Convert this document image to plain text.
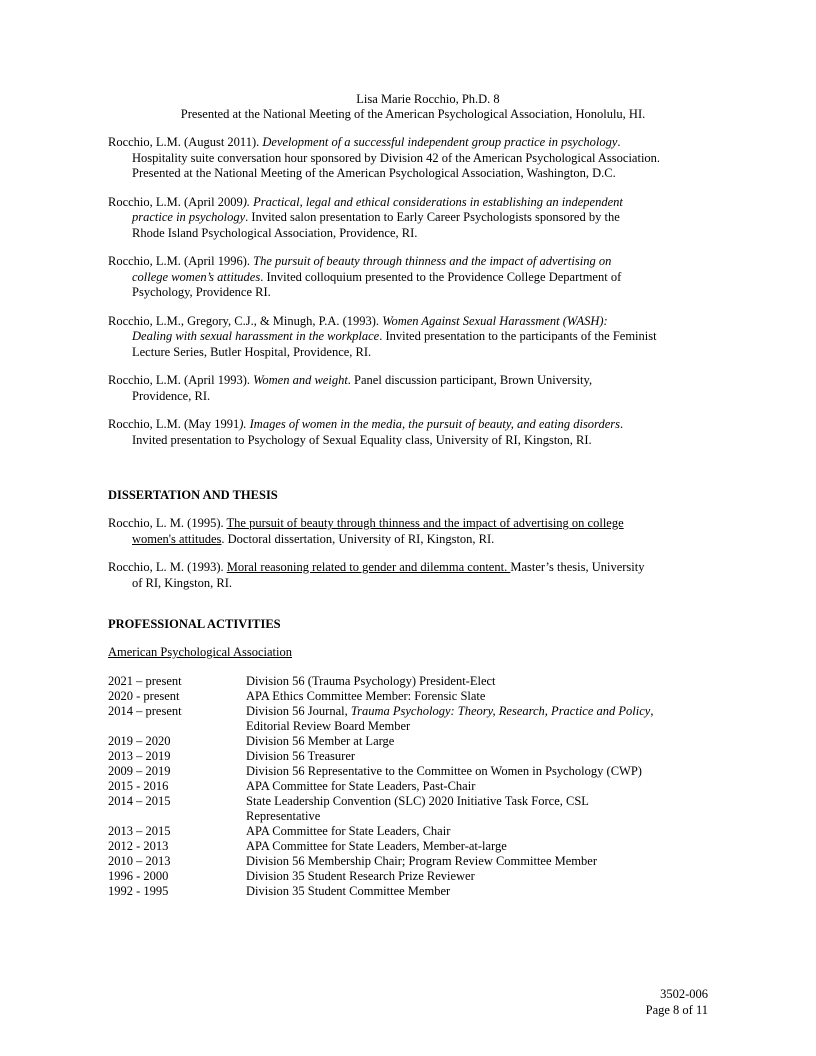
Lisa Marie Rocchio, Ph.D. 8
Presented at the National Meeting of the American Psychological Association, Honolulu, HI.
Rocchio, L.M. (August 2011). Development of a successful independent group practice in psychology.
Hospitality suite conversation hour sponsored by Division 42 of the American Psychological Association.
Presented at the National Meeting of the American Psychological Association, Washington, D.C.
Rocchio, L.M. (April 2009). Practical, legal and ethical considerations in establishing an independent
practice in psychology. Invited salon presentation to Early Career Psychologists sponsored by the
Rhode Island Psychological Association, Providence, RI.
Rocchio, L.M. (April 1996). The pursuit of beauty through thinness and the impact of advertising on
college women’s attitudes. Invited colloquium presented to the Providence College Department of
Psychology, Providence RI.
Rocchio, L.M., Gregory, C.J., & Minugh, P.A. (1993). Women Against Sexual Harassment (WASH):
Dealing with sexual harassment in the workplace. Invited presentation to the participants of the Feminist
Lecture Series, Butler Hospital, Providence, RI.
Rocchio, L.M. (April 1993). Women and weight. Panel discussion participant, Brown University,
Providence, RI.
Rocchio, L.M. (May 1991). Images of women in the media, the pursuit of beauty, and eating disorders.
Invited presentation to Psychology of Sexual Equality class, University of RI, Kingston, RI.
DISSERTATION AND THESIS
Rocchio, L. M. (1995). The pursuit of beauty through thinness and the impact of advertising on college
women's attitudes. Doctoral dissertation, University of RI, Kingston, RI.
Rocchio, L. M. (1993). Moral reasoning related to gender and dilemma content. Master’s thesis, University
of RI, Kingston, RI.
PROFESSIONAL ACTIVITIES
American Psychological Association
2021 – present	Division 56 (Trauma Psychology) President-Elect
2020 - present	APA Ethics Committee Member: Forensic Slate
2014 – present	Division 56 Journal, Trauma Psychology: Theory, Research, Practice and Policy,
Editorial Review Board Member
2019 – 2020	Division 56 Member at Large
2013 – 2019	Division 56 Treasurer
2009 – 2019	Division 56 Representative to the Committee on Women in Psychology (CWP)
2015 - 2016	APA Committee for State Leaders, Past-Chair
2014 – 2015	State Leadership Convention (SLC) 2020 Initiative Task Force, CSL
Representative
2013 – 2015	APA Committee for State Leaders, Chair
2012 - 2013	APA Committee for State Leaders, Member-at-large
2010 – 2013	Division 56 Membership Chair; Program Review Committee Member
1996 - 2000	Division 35 Student Research Prize Reviewer
1992 - 1995	Division 35 Student Committee Member
3502-006
Page 8 of 11
